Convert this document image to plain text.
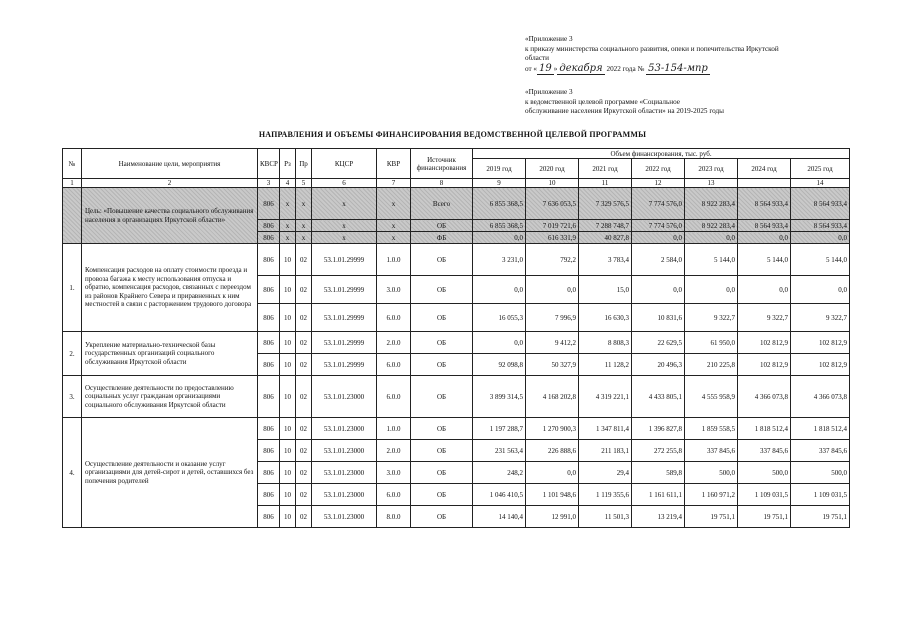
«Приложение 3
к приказу министерства социального развития, опеки и попечительства Иркутской
области
от « 19 » декабря 2022 года № 53-154-мпр
«Приложение 3
к ведомственной целевой программе «Социальное
обслуживание населения Иркутской области» на 2019-2025 годы
НАПРАВЛЕНИЯ И ОБЪЕМЫ ФИНАНСИРОВАНИЯ ВЕДОМСТВЕННОЙ ЦЕЛЕВОЙ ПРОГРАММЫ
№	Наименование цели, мероприятия	КВСР	Рз	Пр	КЦСР	КВР	Источник финансирования	Объем финансирования, тыс. руб.						
								2019 год	2020 год	2021 год	2022 год	2023 год	2024 год	2025 год
1	2	3	4	5	6	7	8	9	10	11	12	13		14
	Цель: «Повышение качества социального обслуживания населения в организациях Иркутской области»	806	х	х	х	х	Всего	6 855 368,5	7 636 053,5	7 329 576,5	7 774 576,0	8 922 283,4	8 564 933,4	8 564 933,4
		806	х	х	х	х	ОБ	6 855 368,5	7 019 721,6	7 288 748,7	7 774 576,0	8 922 283,4	8 564 933,4	8 564 933,4
		806	х	х	х	х	ФБ	0,0	616 331,9	40 827,8	0,0	0,0	0,0	0,0
1.	Компенсация расходов на оплату стоимости проезда и провоза багажа к месту использования отпуска и обратно, компенсация расходов, связанных с переездом из районов Крайнего Севера и приравненных к ним местностей в связи с расторжением трудового договора	806	10	02	53.1.01.29999	1.0.0	ОБ	3 231,0	792,2	3 783,4	2 584,0	5 144,0	5 144,0	5 144,0
		806	10	02	53.1.01.29999	3.0.0	ОБ	0,0	0,0	15,0	0,0	0,0	0,0	0,0
		806	10	02	53.1.01.29999	6.0.0	ОБ	16 055,3	7 996,9	16 630,3	10 831,6	9 322,7	9 322,7	9 322,7
2.	Укрепление материально-технической базы государственных организаций социального обслуживания Иркутской области	806	10	02	53.1.01.29999	2.0.0	ОБ	0,0	9 412,2	8 808,3	22 629,5	61 950,0	102 812,9	102 812,9
		806	10	02	53.1.01.29999	6.0.0	ОБ	92 098,8	50 327,9	11 128,2	20 496,3	210 225,8	102 812,9	102 812,9
3.	Осуществление деятельности по предоставлению социальных услуг гражданам организациями социального обслуживания Иркутской области	806	10	02	53.1.01.23000	6.0.0	ОБ	3 899 314,5	4 168 202,8	4 319 221,1	4 433 805,1	4 555 958,9	4 366 073,8	4 366 073,8
4.	Осуществление деятельности и оказание услуг организациями для детей-сирот и детей, оставшихся без попечения родителей	806	10	02	53.1.01.23000	1.0.0	ОБ	1 197 288,7	1 270 900,3	1 347 811,4	1 396 827,8	1 859 558,5	1 818 512,4	1 818 512,4
		806	10	02	53.1.01.23000	2.0.0	ОБ	231 563,4	226 888,6	211 183,1	272 255,8	337 845,6	337 845,6	337 845,6
		806	10	02	53.1.01.23000	3.0.0	ОБ	248,2	0,0	29,4	589,8	500,0	500,0	500,0
		806	10	02	53.1.01.23000	6.0.0	ОБ	1 046 410,5	1 101 948,6	1 119 355,6	1 161 611,1	1 160 971,2	1 109 031,5	1 109 031,5
		806	10	02	53.1.01.23000	8.0.0	ОБ	14 140,4	12 991,0	11 501,3	13 219,4	19 751,1	19 751,1	19 751,1
